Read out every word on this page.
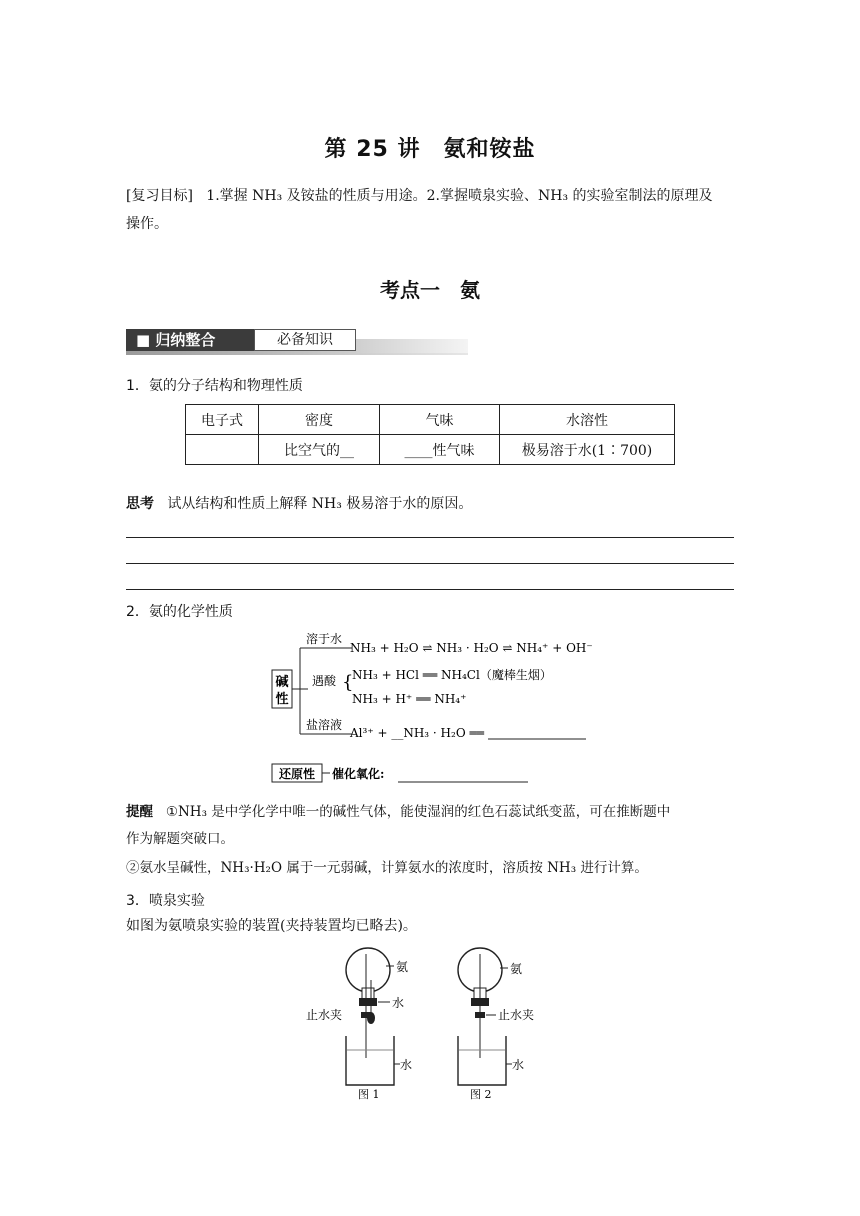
第 25 讲　氨和铵盐
[复习目标] 1.掌握 NH₃ 及铵盐的性质与用途。2.掌握喷泉实验、NH₃ 的实验室制法的原理及
操作。
考点一　氨
■ 归纳整合	必备知识
1．氨的分子结构和物理性质
电子式	密度	气味	水溶性
	比空气的__	____性气味	极易溶于水(1∶700)
思考 试从结构和性质上解释 NH₃ 极易溶于水的原因。
2．氨的化学性质
碱
性
溶于水
NH₃ + H₂O ⇌ NH₃ · H₂O ⇌ NH₄⁺ + OH⁻
遇酸 {
NH₃ + HCl ══ NH₄Cl（魔棒生烟）
NH₃ + H⁺ ══ NH₄⁺
盐溶液
Al³⁺ + __NH₃ · H₂O ══
还原性 催化氧化:
提醒 ①NH₃ 是中学化学中唯一的碱性气体，能使湿润的红色石蕊试纸变蓝，可在推断题中
作为解题突破口。
②氨水呈碱性，NH₃·H₂O 属于一元弱碱，计算氨水的浓度时，溶质按 NH₃ 进行计算。
3．喷泉实验
如图为氨喷泉实验的装置(夹持装置均已略去)。
氨
水
止水夹
水
图 1
氨
止水夹
水
图 2
